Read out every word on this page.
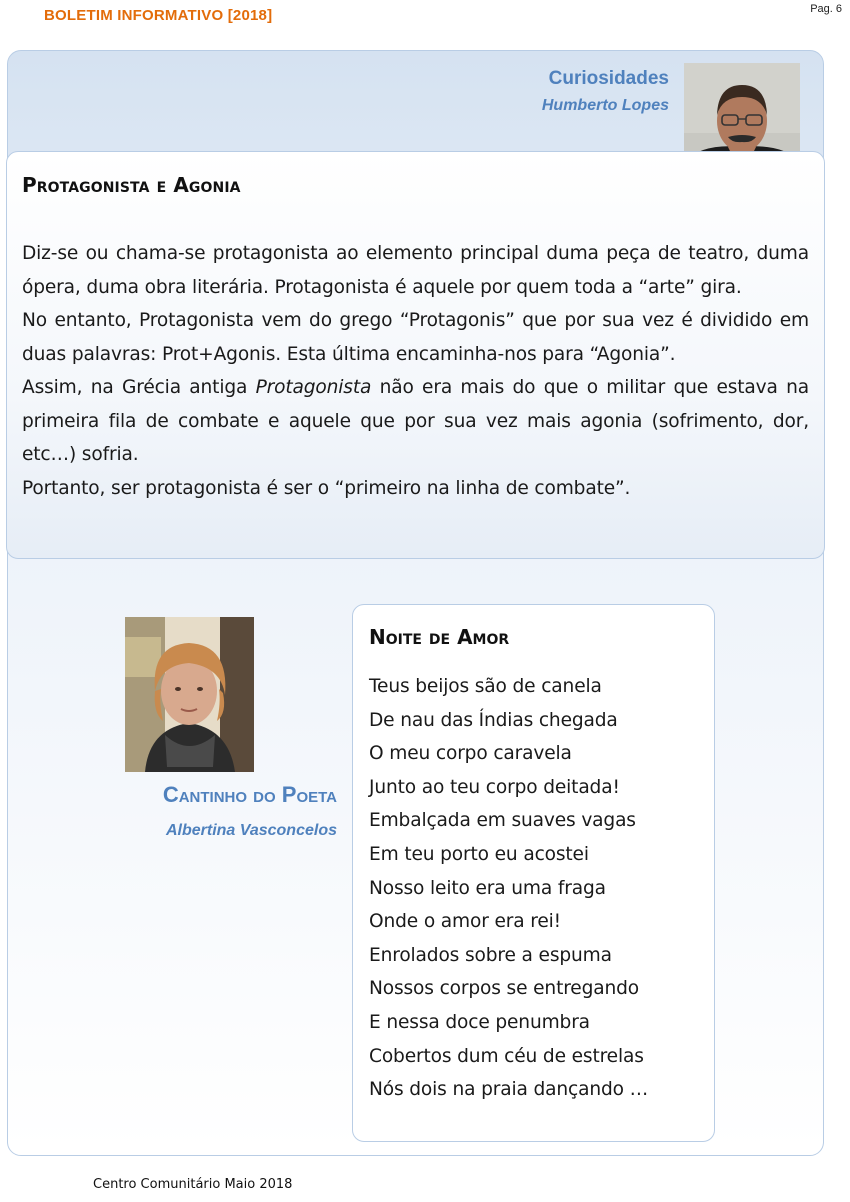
BOLETIM INFORMATIVO [2018]	Pag. 6
Curiosidades
Humberto Lopes
Protagonista e Agonia

Diz-se ou chama-se protagonista ao elemento principal duma peça de teatro, duma ópera, duma obra literária. Protagonista é aquele por quem toda a “arte” gira.

No entanto, Protagonista vem do grego “Protagonis” que por sua vez é dividido em duas palavras: Prot+Agonis. Esta última encaminha-nos para “Agonia”.

Assim, na Grécia antiga Protagonista não era mais do que o militar que estava na primeira fila de combate e aquele que por sua vez mais agonia (sofrimento, dor, etc…) sofria.

Portanto, ser protagonista é ser o “primeiro na linha de combate”.

Cantinho do Poeta
Albertina Vasconcelos
Noite de Amor
Teus beijos são de canela
De nau das Índias chegada
O meu corpo caravela
Junto ao teu corpo deitada!
Embalçada em suaves vagas
Em teu porto eu acostei
Nosso leito era uma fraga
Onde o amor era rei!
Enrolados sobre a espuma
Nossos corpos se entregando
E nessa doce penumbra
Cobertos dum céu de estrelas
Nós dois na praia dançando …
Centro Comunitário Maio 2018
